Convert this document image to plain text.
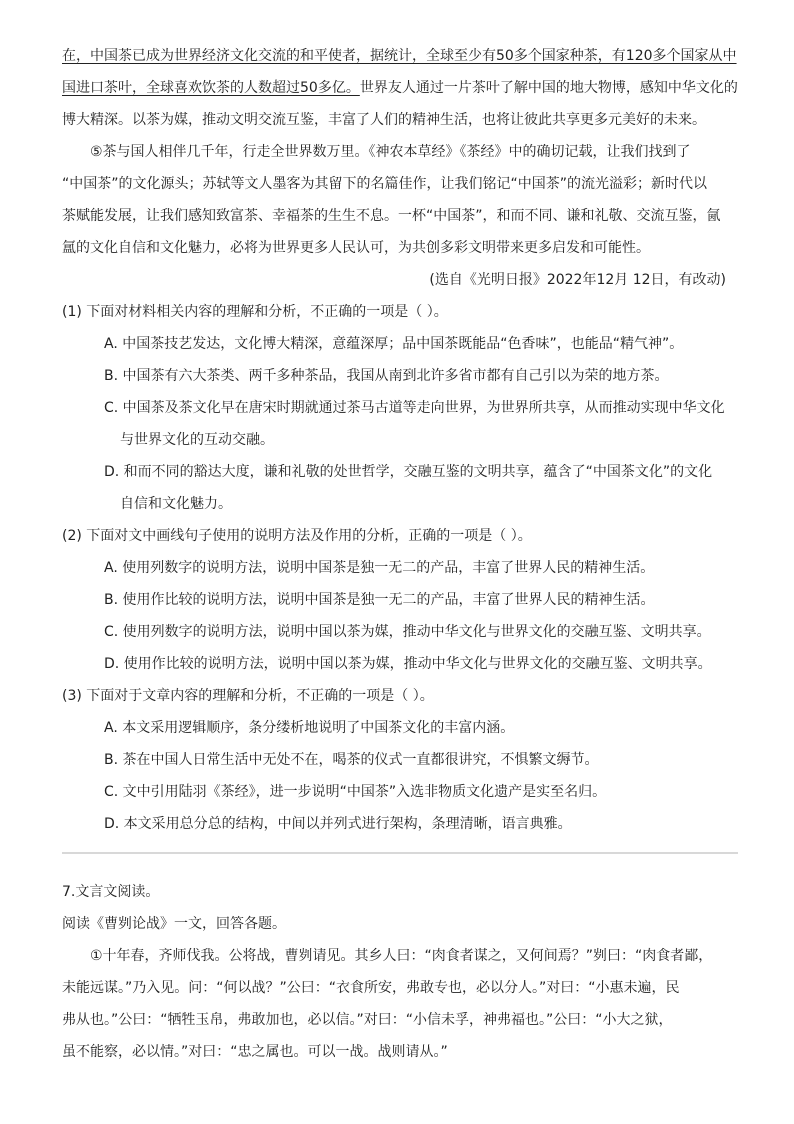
在，中国茶已成为世界经济文化交流的和平使者，据统计，全球至少有50多个国家种茶，有120多个国家从中
国进口茶叶，全球喜欢饮茶的人数超过50多亿。世界友人通过一片茶叶了解中国的地大物博，感知中华文化的
博大精深。以茶为媒，推动文明交流互鉴，丰富了人们的精神生活，也将让彼此共享更多元美好的未来。
⑤茶与国人相伴几千年，行走全世界数万里。《神农本草经》《茶经》中的确切记载，让我们找到了
“中国茶”的文化源头；苏轼等文人墨客为其留下的名篇佳作，让我们铭记“中国茶”的流光溢彩；新时代以
茶赋能发展，让我们感知致富茶、幸福茶的生生不息。一杯“中国茶”，和而不同、谦和礼敬、交流互鉴，氤
氲的文化自信和文化魅力，必将为世界更多人民认可，为共创多彩文明带来更多启发和可能性。
(选自《光明日报》2022年12月 12日，有改动)
(1) 下面对材料相关内容的理解和分析，不正确的一项是（ ）。
A. 中国茶技艺发达，文化博大精深，意蕴深厚；品中国茶既能品“色香味”，也能品“精气神”。
B. 中国茶有六大茶类、两千多种茶品，我国从南到北许多省市都有自己引以为荣的地方茶。
C. 中国茶及茶文化早在唐宋时期就通过茶马古道等走向世界，为世界所共享，从而推动实现中华文化
与世界文化的互动交融。
D. 和而不同的豁达大度，谦和礼敬的处世哲学，交融互鉴的文明共享，蕴含了“中国茶文化”的文化
自信和文化魅力。
(2) 下面对文中画线句子使用的说明方法及作用的分析，正确的一项是（ ）。
A. 使用列数字的说明方法，说明中国茶是独一无二的产品，丰富了世界人民的精神生活。
B. 使用作比较的说明方法，说明中国茶是独一无二的产品，丰富了世界人民的精神生活。
C. 使用列数字的说明方法，说明中国以茶为媒，推动中华文化与世界文化的交融互鉴、文明共享。
D. 使用作比较的说明方法，说明中国以茶为媒，推动中华文化与世界文化的交融互鉴、文明共享。
(3) 下面对于文章内容的理解和分析，不正确的一项是（ ）。
A. 本文采用逻辑顺序，条分缕析地说明了中国茶文化的丰富内涵。
B. 茶在中国人日常生活中无处不在，喝茶的仪式一直都很讲究，不惧繁文缛节。
C. 文中引用陆羽《茶经》，进一步说明“中国茶”入选非物质文化遗产是实至名归。
D. 本文采用总分总的结构，中间以并列式进行架构，条理清晰，语言典雅。
7.文言文阅读。
阅读《曹刿论战》一文，回答各题。
①十年春，齐师伐我。公将战，曹刿请见。其乡人曰：“肉食者谋之，又何间焉？”刿曰：“肉食者鄙，
未能远谋。”乃入见。问：“何以战？”公曰：“衣食所安，弗敢专也，必以分人。”对曰：“小惠未遍，民
弗从也。”公曰：“牺牲玉帛，弗敢加也，必以信。”对曰：“小信未孚，神弗福也。”公曰：“小大之狱，
虽不能察，必以情。”对曰：“忠之属也。可以一战。战则请从。”
